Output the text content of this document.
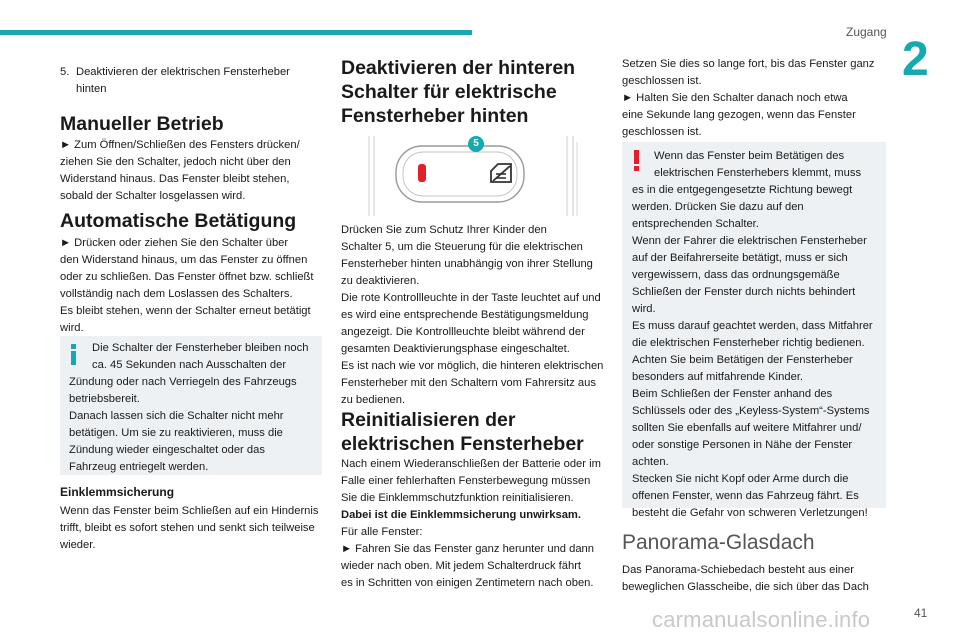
Zugang
2
carmanualsonline.info	41
5. Deaktivieren der elektrischen Fensterheber
hinten
Manueller Betrieb
► Zum Öffnen/Schließen des Fensters drücken/
ziehen Sie den Schalter, jedoch nicht über den
Widerstand hinaus. Das Fenster bleibt stehen,
sobald der Schalter losgelassen wird.
Automatische Betätigung
► Drücken oder ziehen Sie den Schalter über
den Widerstand hinaus, um das Fenster zu öffnen
oder zu schließen. Das Fenster öffnet bzw. schließt
vollständig nach dem Loslassen des Schalters.
Es bleibt stehen, wenn der Schalter erneut betätigt
wird.
Die Schalter der Fensterheber bleiben noch
ca. 45 Sekunden nach Ausschalten der
Zündung oder nach Verriegeln des Fahrzeugs
betriebsbereit.
Danach lassen sich die Schalter nicht mehr
betätigen. Um sie zu reaktivieren, muss die
Zündung wieder eingeschaltet oder das
Fahrzeug entriegelt werden.
Einklemmsicherung
Wenn das Fenster beim Schließen auf ein Hindernis
trifft, bleibt es sofort stehen und senkt sich teilweise
wieder.
Deaktivieren der hinteren
Schalter für elektrische
Fensterheber hinten
5
Drücken Sie zum Schutz Ihrer Kinder den
Schalter 5, um die Steuerung für die elektrischen
Fensterheber hinten unabhängig von ihrer Stellung
zu deaktivieren.
Die rote Kontrollleuchte in der Taste leuchtet auf und
es wird eine entsprechende Bestätigungsmeldung
angezeigt. Die Kontrollleuchte bleibt während der
gesamten Deaktivierungsphase eingeschaltet.
Es ist nach wie vor möglich, die hinteren elektrischen
Fensterheber mit den Schaltern vom Fahrersitz aus
zu bedienen.
Reinitialisieren der
elektrischen Fensterheber
Nach einem Wiederanschließen der Batterie oder im
Falle einer fehlerhaften Fensterbewegung müssen
Sie die Einklemmschutzfunktion reinitialisieren.
Dabei ist die Einklemmsicherung unwirksam.
Für alle Fenster:
► Fahren Sie das Fenster ganz herunter und dann
wieder nach oben. Mit jedem Schalterdruck fährt
es in Schritten von einigen Zentimetern nach oben.
Setzen Sie dies so lange fort, bis das Fenster ganz
geschlossen ist.
► Halten Sie den Schalter danach noch etwa
eine Sekunde lang gezogen, wenn das Fenster
geschlossen ist.
Wenn das Fenster beim Betätigen des
elektrischen Fensterhebers klemmt, muss
es in die entgegengesetzte Richtung bewegt
werden. Drücken Sie dazu auf den
entsprechenden Schalter.
Wenn der Fahrer die elektrischen Fensterheber
auf der Beifahrerseite betätigt, muss er sich
vergewissern, dass das ordnungsgemäße
Schließen der Fenster durch nichts behindert
wird.
Es muss darauf geachtet werden, dass Mitfahrer
die elektrischen Fensterheber richtig bedienen.
Achten Sie beim Betätigen der Fensterheber
besonders auf mitfahrende Kinder.
Beim Schließen der Fenster anhand des
Schlüssels oder des „Keyless-System“-Systems
sollten Sie ebenfalls auf weitere Mitfahrer und/
oder sonstige Personen in Nähe der Fenster
achten.
Stecken Sie nicht Kopf oder Arme durch die
offenen Fenster, wenn das Fahrzeug fährt. Es
besteht die Gefahr von schweren Verletzungen!
Panorama-Glasdach
Das Panorama-Schiebedach besteht aus einer
beweglichen Glasscheibe, die sich über das Dach
